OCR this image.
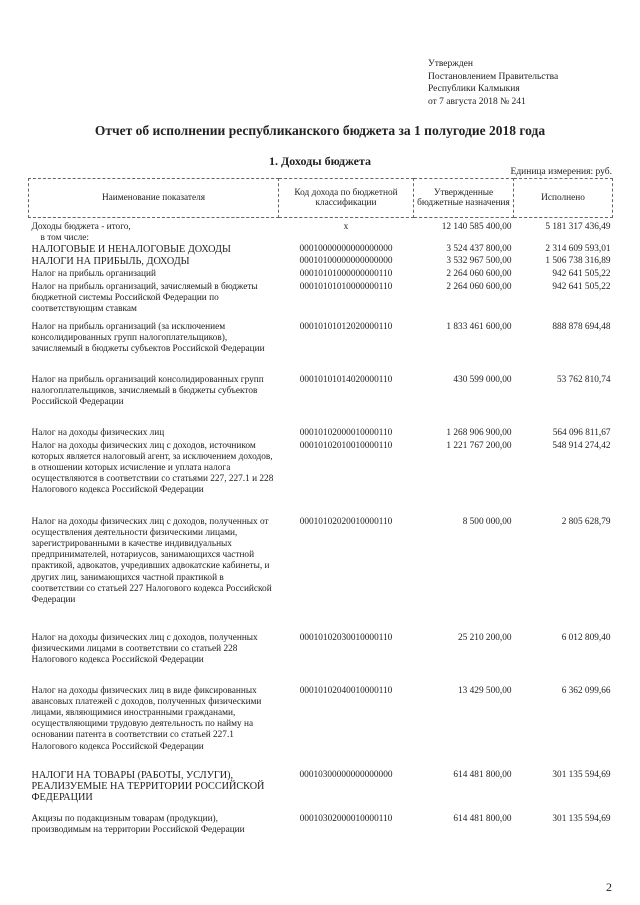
Утвержден
Постановлением Правительства
Республики Калмыкия
от 7 августа 2018 № 241
Отчет об исполнении республиканского бюджета за 1 полугодие 2018 года
1. Доходы бюджета
Единица измерения: руб.
Наименование показателя	Код дохода по бюджетной классификации	Утвержденные бюджетные назначения	Исполнено
Доходы бюджета - итого,	x	12 140 585 400,00	5 181 317 436,49
в том числе:			
НАЛОГОВЫЕ И НЕНАЛОГОВЫЕ ДОХОДЫ	00010000000000000000	3 524 437 800,00	2 314 609 593,01
НАЛОГИ НА ПРИБЫЛЬ, ДОХОДЫ	00010100000000000000	3 532 967 500,00	1 506 738 316,89
Налог на прибыль организаций	00010101000000000110	2 264 060 600,00	942 641 505,22
Налог на прибыль организаций, зачисляемый в бюджеты бюджетной системы Российской Федерации по соответствующим ставкам	00010101010000000110	2 264 060 600,00	942 641 505,22
Налог на прибыль организаций (за исключением консолидированных групп налогоплательщиков), зачисляемый в бюджеты субъектов Российской Федерации	00010101012020000110	1 833 461 600,00	888 878 694,48
Налог на прибыль организаций консолидированных групп налогоплательщиков, зачисляемый в бюджеты субъектов Российской Федерации	00010101014020000110	430 599 000,00	53 762 810,74
Налог на доходы физических лиц	00010102000010000110	1 268 906 900,00	564 096 811,67
Налог на доходы физических лиц с доходов, источником которых является налоговый агент, за исключением доходов, в отношении которых исчисление и уплата налога осуществляются в соответствии со статьями 227, 227.1 и 228 Налогового кодекса Российской Федерации	00010102010010000110	1 221 767 200,00	548 914 274,42
Налог на доходы физических лиц с доходов, полученных от осуществления деятельности физическими лицами, зарегистрированными в качестве индивидуальных предпринимателей, нотариусов, занимающихся частной практикой, адвокатов, учредивших адвокатские кабинеты, и других лиц, занимающихся частной практикой в соответствии со статьей 227 Налогового кодекса Российской Федерации	00010102020010000110	8 500 000,00	2 805 628,79
Налог на доходы физических лиц с доходов, полученных физическими лицами в соответствии со статьей 228 Налогового кодекса Российской Федерации	00010102030010000110	25 210 200,00	6 012 809,40
Налог на доходы физических лиц в виде фиксированных авансовых платежей с доходов, полученных физическими лицами, являющимися иностранными гражданами, осуществляющими трудовую деятельность по найму на основании патента в соответствии со статьей 227.1 Налогового кодекса Российской Федерации	00010102040010000110	13 429 500,00	6 362 099,66
НАЛОГИ НА ТОВАРЫ (РАБОТЫ, УСЛУГИ), РЕАЛИЗУЕМЫЕ НА ТЕРРИТОРИИ РОССИЙСКОЙ ФЕДЕРАЦИИ	00010300000000000000	614 481 800,00	301 135 594,69
Акцизы по подакцизным товарам (продукции), производимым на территории Российской Федерации	00010302000010000110	614 481 800,00	301 135 594,69
2
